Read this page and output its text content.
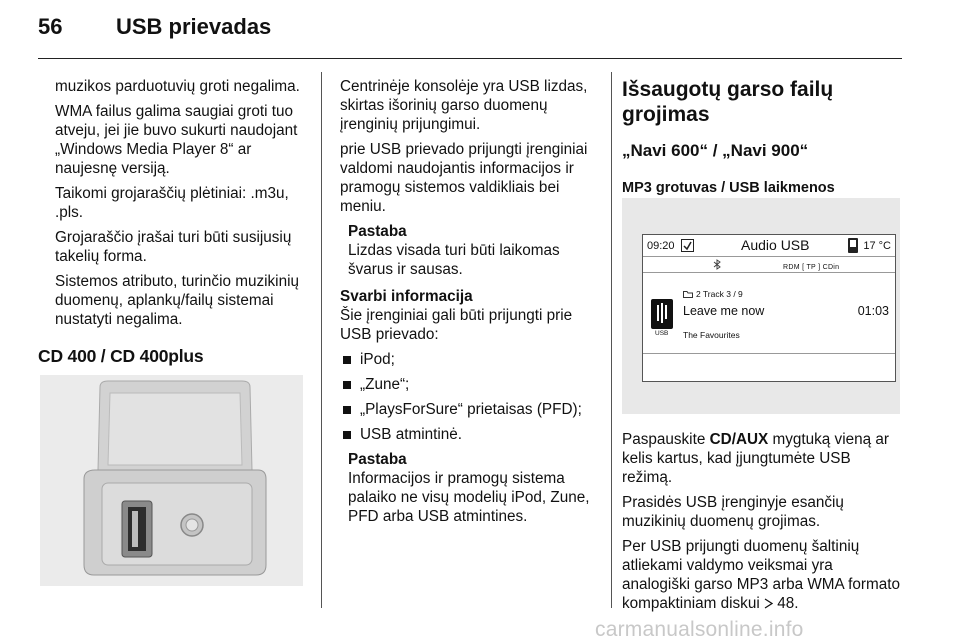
56 USB prievadas

muzikos parduotuvių groti negalima.

WMA failus galima saugiai groti tuo atveju, jei jie buvo sukurti naudojant „Windows Media Player 8“ ar naujesnę versiją.

Taikomi grojaraščių plėtiniai: .m3u, .pls.

Grojaraščio įrašai turi būti susijusių takelių forma.

Sistemos atributo, turinčio muzikinių duomenų, aplankų/failų sistemai nustatyti negalima.

CD 400 / CD 400plus

Centrinėje konsolėje yra USB lizdas, skirtas išorinių garso duomenų įrenginių prijungimui.

prie USB prievado prijungti įrenginiai valdomi naudojantis informacijos ir pramogų sistemos valdikliais bei meniu.

Pastaba
Lizdas visada turi būti laikomas švarus ir sausas.
Svarbi informacija

Šie įrenginiai gali būti prijungti prie USB prievado:

iPod;
„Zune“;
„PlaysForSure“ prietaisas (PFD);
USB atmintinė.
Pastaba
Informacijos ir pramogų sistema palaiko ne visų modelių iPod, Zune, PFD arba USB atmintines.
Išsaugotų garso failų grojimas
„Navi 600“ / „Navi 900“
MP3 grotuvas / USB laikmenos
09:20	Audio USB	17 °C
RDM [ TP ] CDin
USB
2 Track 3 / 9
Leave me now	01:03
The Favourites

Paspauskite CD/AUX mygtuką vieną ar kelis kartus, kad įjungtumėte USB režimą.

Prasidės USB įrenginyje esančių muzikinių duomenų grojimas.

Per USB prijungti duomenų šaltinių atliekami valdymo veiksmai yra analogiški garso MP3 arba WMA formato kompaktiniam diskui  48.

carmanualsonline.info
